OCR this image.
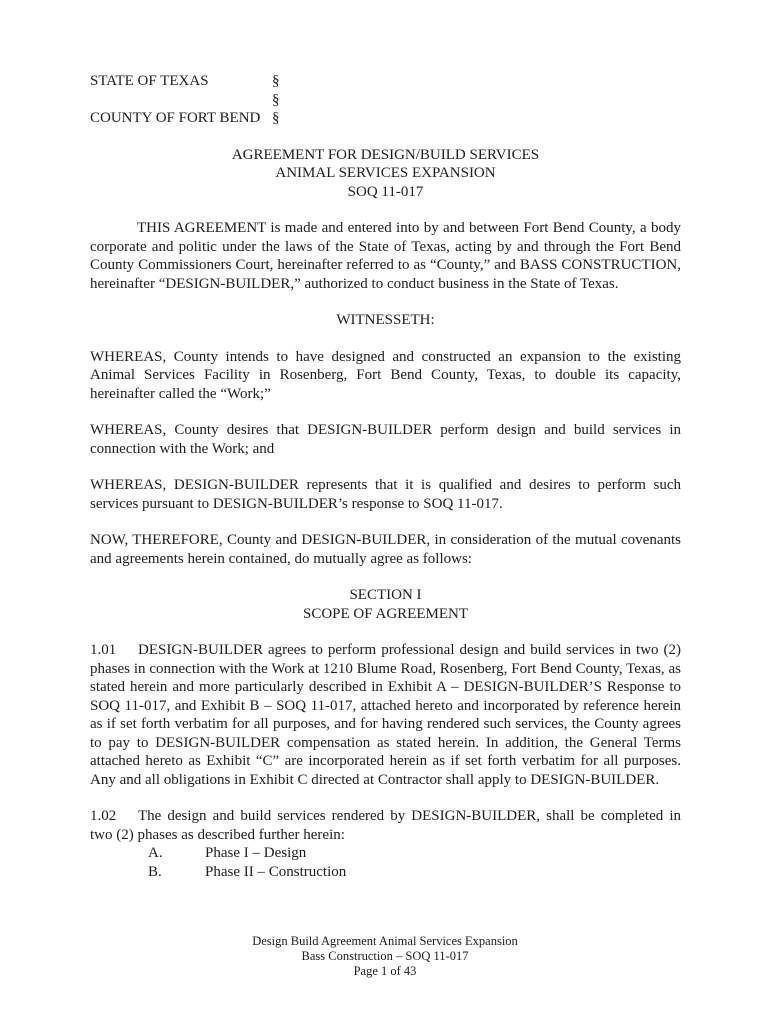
STATE OF TEXAS	§
§
COUNTY OF FORT BEND §
AGREEMENT FOR DESIGN/BUILD SERVICES
ANIMAL SERVICES EXPANSION
SOQ 11-017

THIS AGREEMENT is made and entered into by and between Fort Bend County, a body corporate and politic under the laws of the State of Texas, acting by and through the Fort Bend County Commissioners Court, hereinafter referred to as “County,” and BASS CONSTRUCTION, hereinafter “DESIGN-BUILDER,” authorized to conduct business in the State of Texas.

WITNESSETH:

WHEREAS, County intends to have designed and constructed an expansion to the existing Animal Services Facility in Rosenberg, Fort Bend County, Texas, to double its capacity, hereinafter called the “Work;”

WHEREAS, County desires that DESIGN-BUILDER perform design and build services in connection with the Work; and

WHEREAS, DESIGN-BUILDER represents that it is qualified and desires to perform such services pursuant to DESIGN-BUILDER’s response to SOQ 11-017.

NOW, THEREFORE, County and DESIGN-BUILDER, in consideration of the mutual covenants and agreements herein contained, do mutually agree as follows:

SECTION I
SCOPE OF AGREEMENT

1.01 DESIGN-BUILDER agrees to perform professional design and build services in two (2) phases in connection with the Work at 1210 Blume Road, Rosenberg, Fort Bend County, Texas, as stated herein and more particularly described in Exhibit A – DESIGN-BUILDER’S Response to SOQ 11-017, and Exhibit B – SOQ 11-017, attached hereto and incorporated by reference herein as if set forth verbatim for all purposes, and for having rendered such services, the County agrees to pay to DESIGN-BUILDER compensation as stated herein. In addition, the General Terms attached hereto as Exhibit “C” are incorporated herein as if set forth verbatim for all purposes. Any and all obligations in Exhibit C directed at Contractor shall apply to DESIGN-BUILDER.

1.02 The design and build services rendered by DESIGN-BUILDER, shall be completed in two (2) phases as described further herein:

A.	Phase I – Design
B.	Phase II – Construction
Design Build Agreement Animal Services Expansion
Bass Construction – SOQ 11-017
Page 1 of 43
